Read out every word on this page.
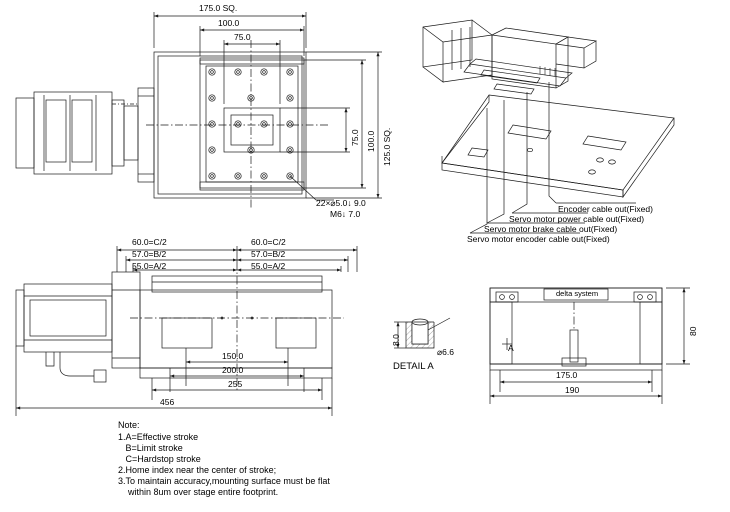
175.0 SQ.
100.0
75.0
75.0 100.0 125.0 SQ.
22×⌀5.0↓ 9.0
M6↓ 7.0	Encoder cable out(Fixed)
Servo motor power cable out(Fixed)
Servo motor brake cable out(Fixed)
Servo motor encoder cable out(Fixed)
60.0=C/2
57.0=B/2
55.0=A/2
60.0=C/2
57.0=B/2
55.0=A/2
150.0
200.0
255
456
8.0
⌀6.6
DETAIL A
80
175.0
190
A
delta system
Note:
1.A=Effective stroke
B=Limit stroke
C=Hardstop stroke
2.Home index near the center of stroke;
3.To maintain accuracy,mounting surface must be flat
within 8um over stage entire footprint.
